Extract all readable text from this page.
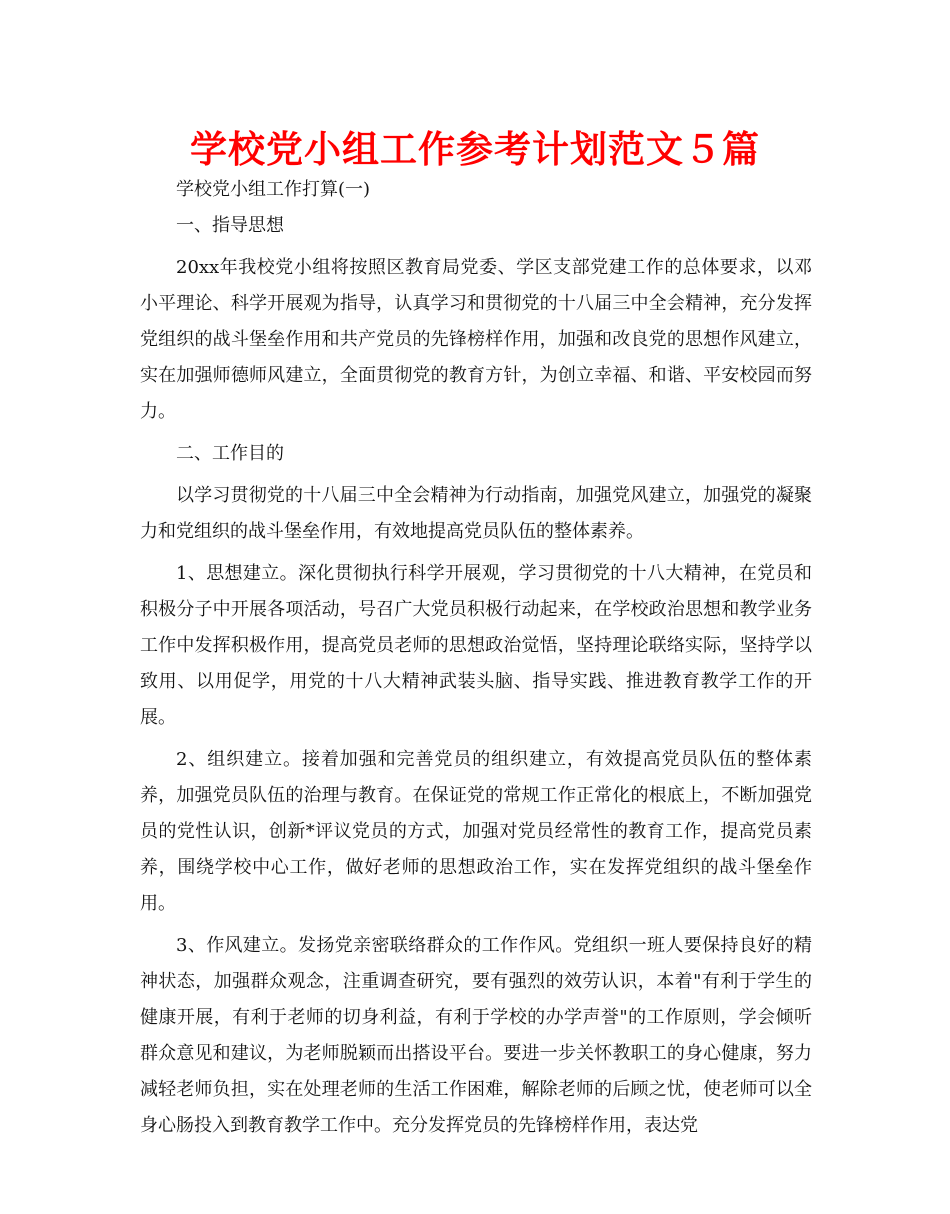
学校党小组工作参考计划范文５篇

学校党小组工作打算(一)

一、指导思想

20xx年我校党小组将按照区教育局党委、学区支部党建工作的总体要求，以邓小平理论、科学开展观为指导，认真学习和贯彻党的十八届三中全会精神，充分发挥党组织的战斗堡垒作用和共产党员的先锋榜样作用，加强和改良党的思想作风建立，实在加强师德师风建立，全面贯彻党的教育方针，为创立幸福、和谐、平安校园而努力。

二、工作目的

以学习贯彻党的十八届三中全会精神为行动指南，加强党风建立，加强党的凝聚力和党组织的战斗堡垒作用，有效地提高党员队伍的整体素养。

1、思想建立。深化贯彻执行科学开展观，学习贯彻党的十八大精神，在党员和积极分子中开展各项活动，号召广大党员积极行动起来，在学校政治思想和教学业务工作中发挥积极作用，提高党员老师的思想政治觉悟，坚持理论联络实际，坚持学以致用、以用促学，用党的十八大精神武装头脑、指导实践、推进教育教学工作的开展。

2、组织建立。接着加强和完善党员的组织建立，有效提高党员队伍的整体素养，加强党员队伍的治理与教育。在保证党的常规工作正常化的根底上，不断加强党员的党性认识，创新*评议党员的方式，加强对党员经常性的教育工作，提高党员素养，围绕学校中心工作，做好老师的思想政治工作，实在发挥党组织的战斗堡垒作用。

3、作风建立。发扬党亲密联络群众的工作作风。党组织一班人要保持良好的精神状态，加强群众观念，注重调查研究，要有强烈的效劳认识，本着"有利于学生的健康开展，有利于老师的切身利益，有利于学校的办学声誉"的工作原则，学会倾听群众意见和建议，为老师脱颖而出搭设平台。要进一步关怀教职工的身心健康，努力减轻老师负担，实在处理老师的生活工作困难，解除老师的后顾之忧，使老师可以全身心肠投入到教育教学工作中。充分发挥党员的先锋榜样作用，表达党
